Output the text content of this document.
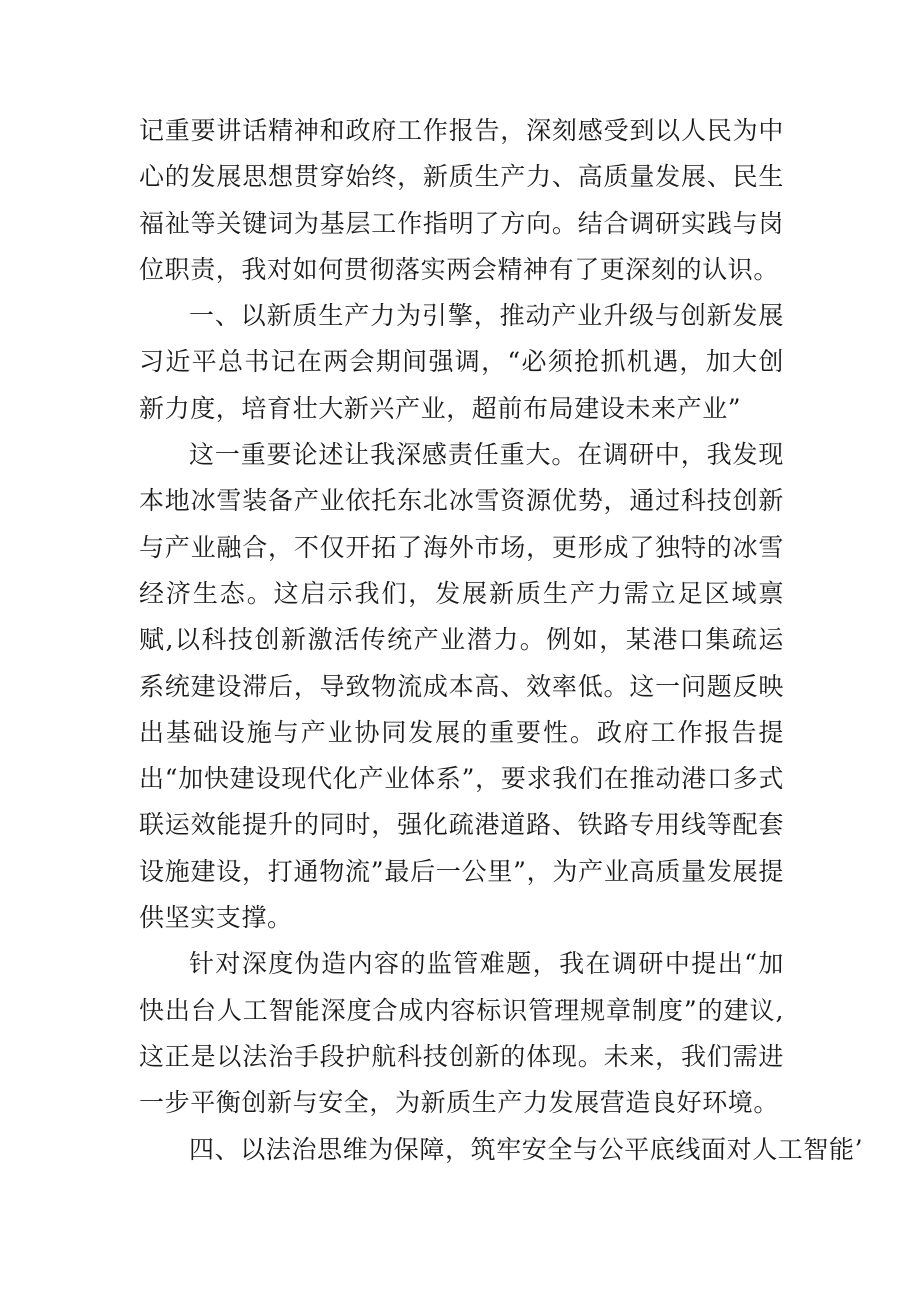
记重要讲话精神和政府工作报告，深刻感受到以人民为中心的发展思想贯穿始终，新质生产力、高质量发展、民生福祉等关键词为基层工作指明了方向。结合调研实践与岗位职责，我对如何贯彻落实两会精神有了更深刻的认识。

一、以新质生产力为引擎，推动产业升级与创新发展习近平总书记在两会期间强调，“必须抢抓机遇，加大创新力度，培育壮大新兴产业，超前布局建设未来产业”

这一重要论述让我深感责任重大。在调研中，我发现本地冰雪装备产业依托东北冰雪资源优势，通过科技创新与产业融合，不仅开拓了海外市场，更形成了独特的冰雪经济生态。这启示我们，发展新质生产力需立足区域禀赋,以科技创新激活传统产业潜力。例如，某港口集疏运系统建设滞后，导致物流成本高、效率低。这一问题反映出基础设施与产业协同发展的重要性。政府工作报告提出“加快建设现代化产业体系”，要求我们在推动港口多式联运效能提升的同时，强化疏港道路、铁路专用线等配套设施建设，打通物流”最后一公里”，为产业高质量发展提供坚实支撑。

针对深度伪造内容的监管难题，我在调研中提出“加快出台人工智能深度合成内容标识管理规章制度”的建议,这正是以法治手段护航科技创新的体现。未来，我们需进一步平衡创新与安全，为新质生产力发展营造良好环境。

四、以法治思维为保障，筑牢安全与公平底线面对人工智能’
